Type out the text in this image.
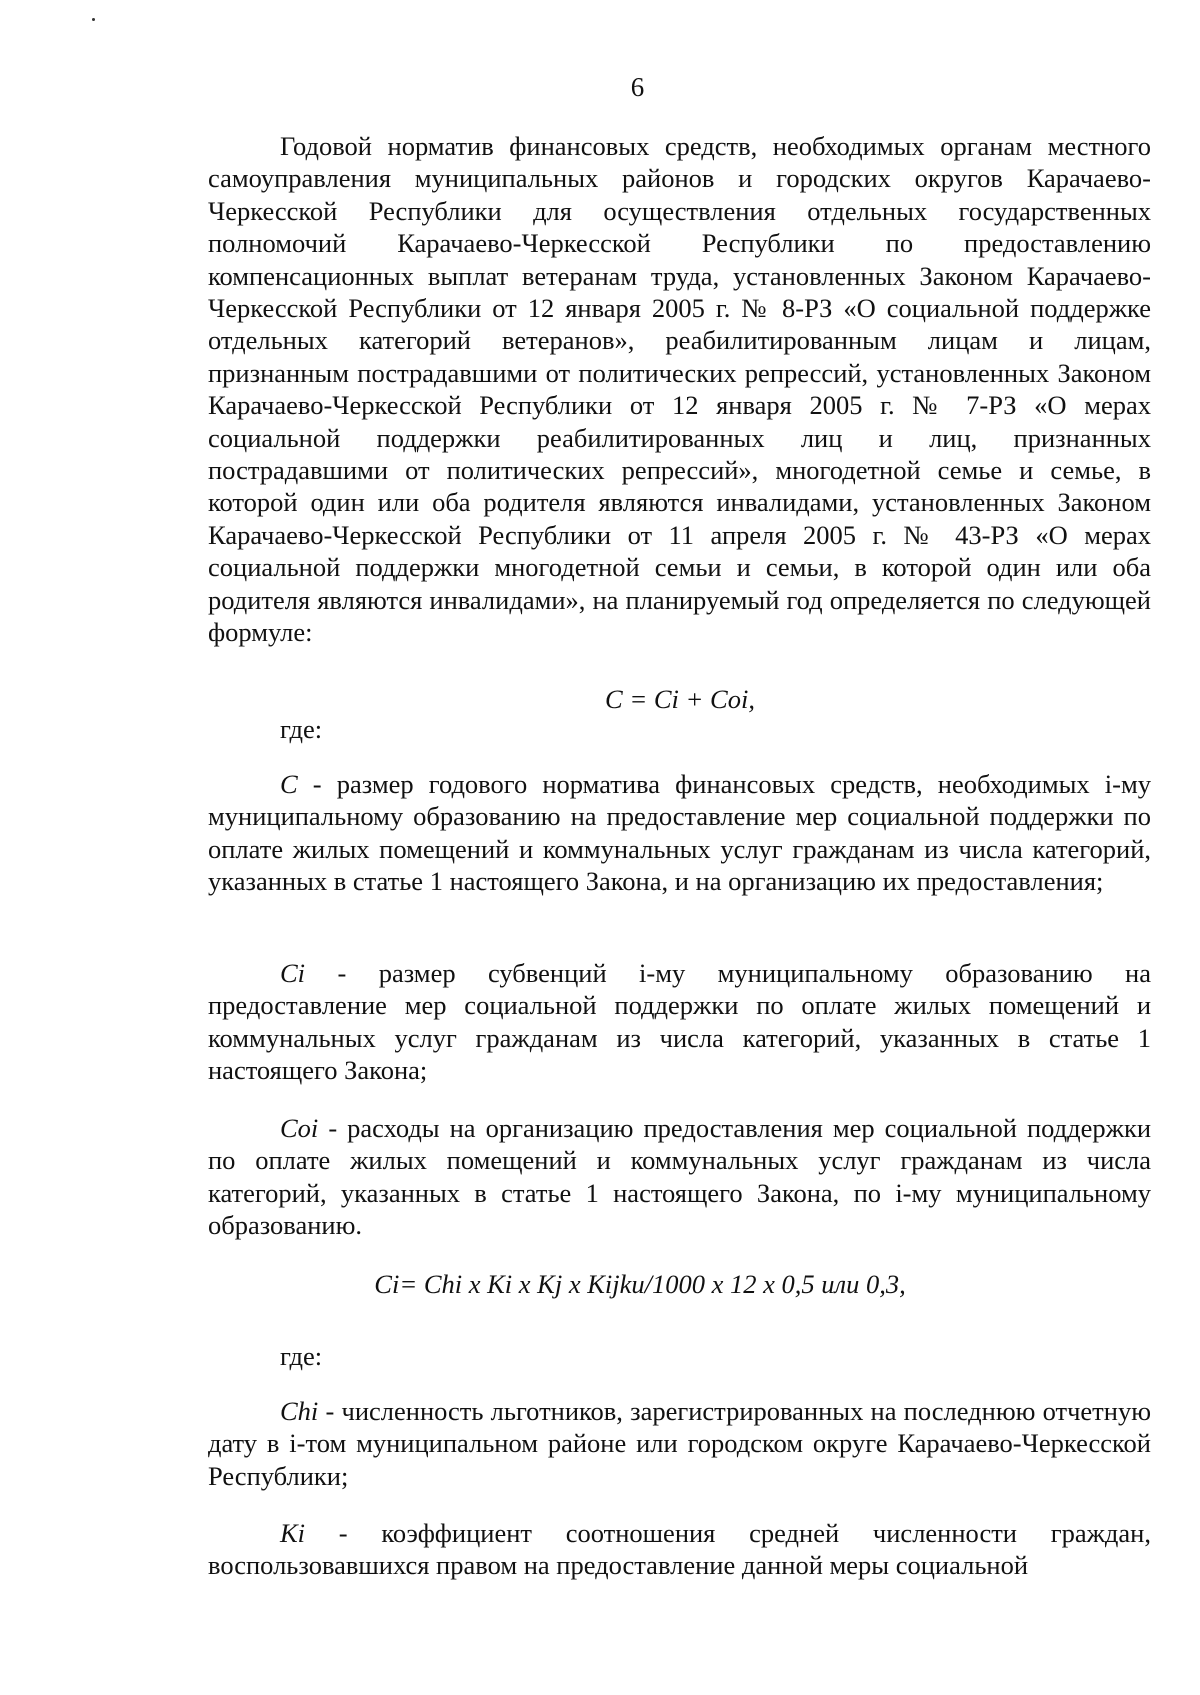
6

Годовой норматив финансовых средств, необходимых органам местного самоуправления муниципальных районов и городских округов Карачаево-Черкесской Республики для осуществления отдельных государственных полномочий Карачаево-Черкесской Республики по предоставлению компенсационных выплат ветеранам труда, установленных Законом Карачаево-Черкесской Республики от 12 января 2005 г. № 8-РЗ «О социальной поддержке отдельных категорий ветеранов», реабилитированным лицам и лицам, признанным пострадавшими от политических репрессий, установленных Законом Карачаево-Черкесской Республики от 12 января 2005 г. № 7-РЗ «О мерах социальной поддержки реабилитированных лиц и лиц, признанных пострадавшими от политических репрессий», многодетной семье и семье, в которой один или оба родителя являются инвалидами, установленных Законом Карачаево-Черкесской Республики от 11 апреля 2005 г. № 43-РЗ «О мерах социальной поддержки многодетной семьи и семьи, в которой один или оба родителя являются инвалидами», на планируемый год определяется по следующей формуле:

C = Ci + Coi,

где:

C - размер годового норматива финансовых средств, необходимых i-му муниципальному образованию на предоставление мер социальной поддержки по оплате жилых помещений и коммунальных услуг гражданам из числа категорий, указанных в статье 1 настоящего Закона, и на организацию их предоставления;

Ci - размер субвенций i-му муниципальному образованию на предоставление мер социальной поддержки по оплате жилых помещений и коммунальных услуг гражданам из числа категорий, указанных в статье 1 настоящего Закона;

Coi - расходы на организацию предоставления мер социальной поддержки по оплате жилых помещений и коммунальных услуг гражданам из числа категорий, указанных в статье 1 настоящего Закона, по i-му муниципальному образованию.

Ci= Chi x Ki x Kj x Kijku/1000 x 12 x 0,5 или 0,3,

где:

Chi - численность льготников, зарегистрированных на последнюю отчетную дату в i-том муниципальном районе или городском округе Карачаево-Черкесской Республики;

Ki - коэффициент соотношения средней численности граждан, воспользовавшихся правом на предоставление данной меры социальной
